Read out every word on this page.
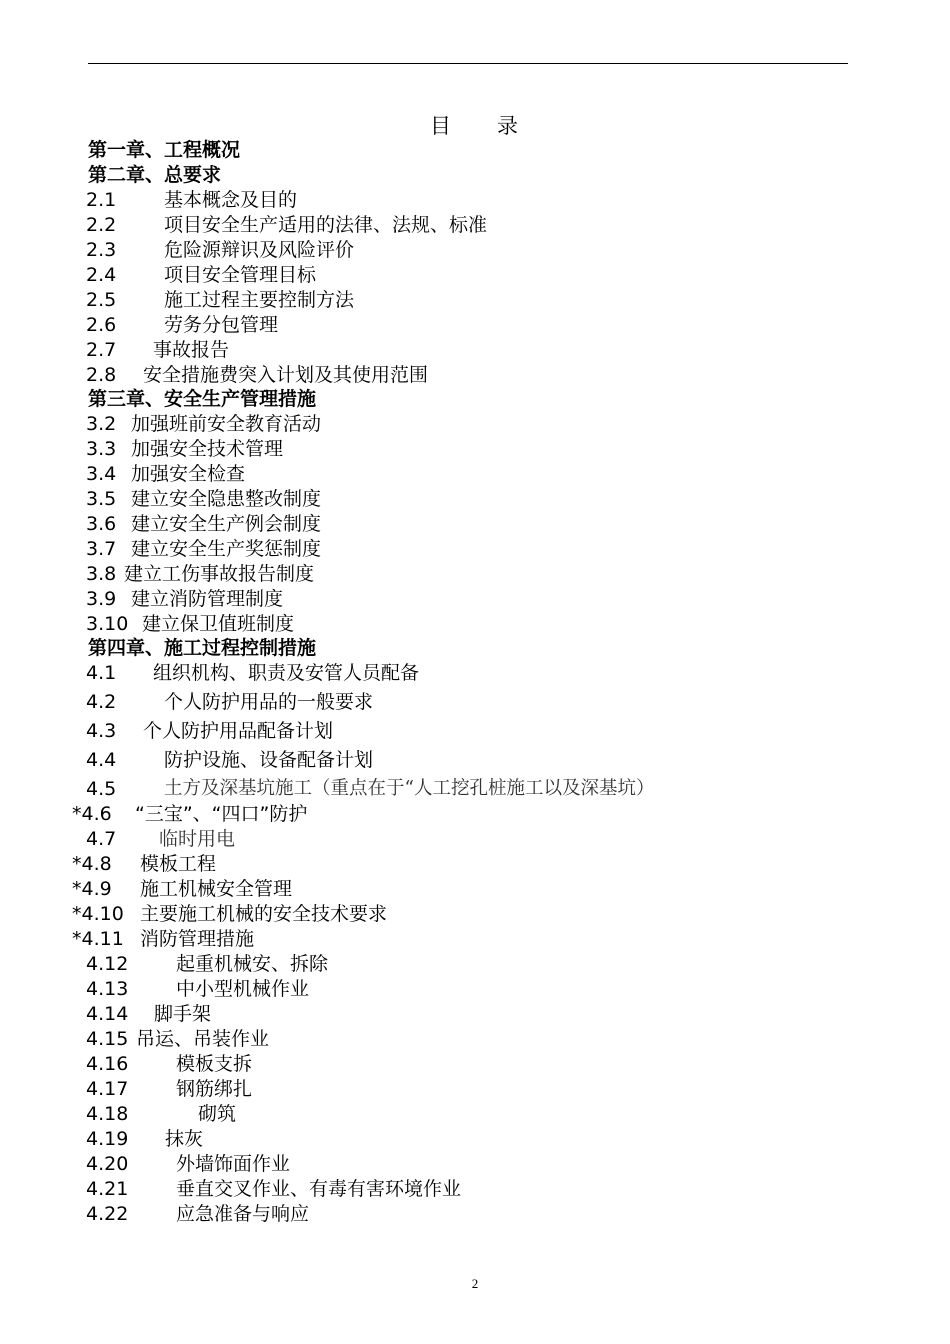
目 录
第一章、工程概况
第二章、总要求
2.1	基本概念及目的
2.2	项目安全生产适用的法律、法规、标准
2.3	危险源辩识及风险评价
2.4	项目安全管理目标
2.5	施工过程主要控制方法
2.6	劳务分包管理
2.7 事故报告
2.8 安全措施费突入计划及其使用范围
第三章、安全生产管理措施
3.2 加强班前安全教育活动
3.3 加强安全技术管理
3.4 加强安全检查
3.5 建立安全隐患整改制度
3.6 建立安全生产例会制度
3.7 建立安全生产奖惩制度
3.8 建立工伤事故报告制度
3.9 建立消防管理制度
3.10 建立保卫值班制度
第四章、施工过程控制措施
4.1 组织机构、职责及安管人员配备
4.2	个人防护用品的一般要求
4.3 个人防护用品配备计划
4.4	防护设施、设备配备计划
4.5	土方及深基坑施工（重点在于“人工挖孔桩施工以及深基坑）
*4.6 “三宝”、“四口”防护
4.7 临时用电
*4.8 模板工程
*4.9 施工机械安全管理
*4.10 主要施工机械的安全技术要求
*4.11 消防管理措施
4.12	起重机械安、拆除
4.13	中小型机械作业
4.14 脚手架
4.15 吊运、吊装作业
4.16	模板支拆
4.17	钢筋绑扎
4.18	砌筑
4.19 抹灰
4.20	外墙饰面作业
4.21	垂直交叉作业、有毒有害环境作业
4.22	应急准备与响应
2
